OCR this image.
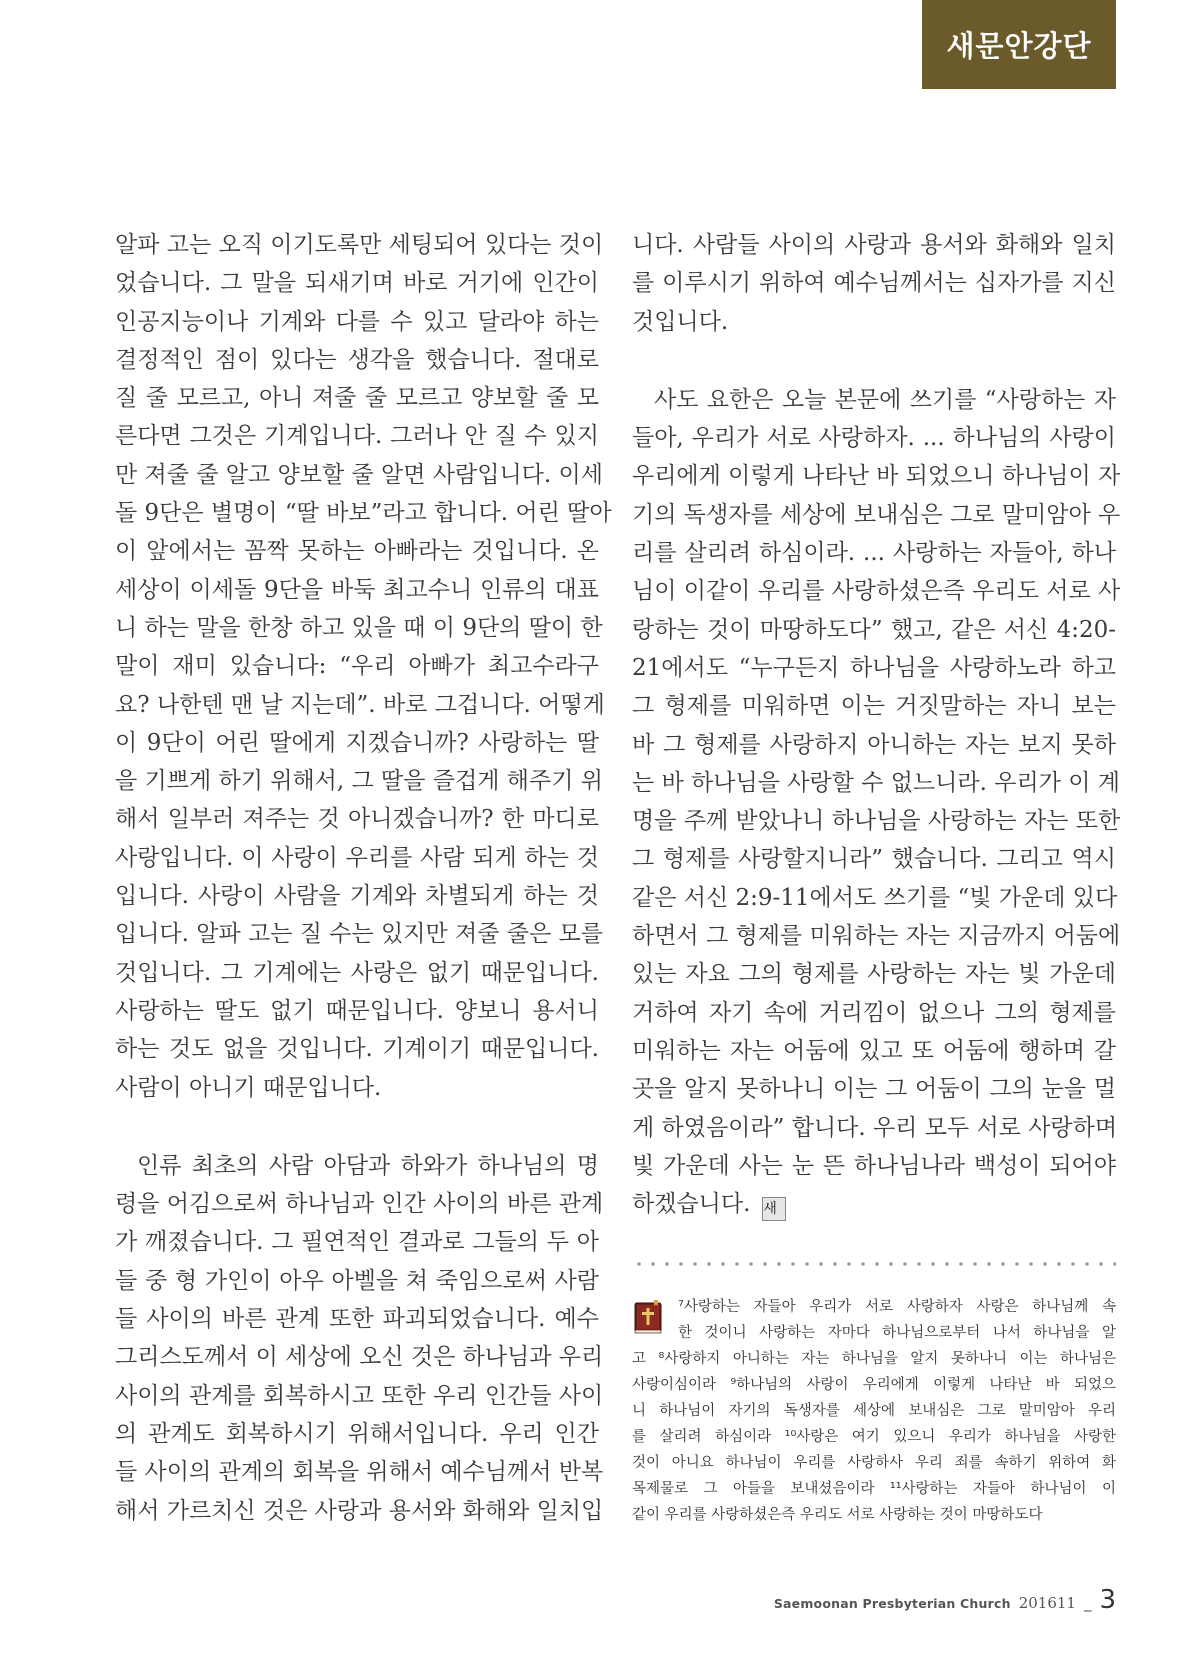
새문안강단

알파 고는 오직 이기도록만 세팅되어 있다는 것이

었습니다. 그 말을 되새기며 바로 거기에 인간이

인공지능이나 기계와 다를 수 있고 달라야 하는

결정적인 점이 있다는 생각을 했습니다. 절대로

질 줄 모르고, 아니 져줄 줄 모르고 양보할 줄 모

른다면 그것은 기계입니다. 그러나 안 질 수 있지

만 져줄 줄 알고 양보할 줄 알면 사람입니다. 이세

돌 9단은 별명이 “딸 바보”라고 합니다. 어린 딸아

이 앞에서는 꼼짝 못하는 아빠라는 것입니다. 온

세상이 이세돌 9단을 바둑 최고수니 인류의 대표

니 하는 말을 한창 하고 있을 때 이 9단의 딸이 한

말이 재미 있습니다: “우리 아빠가 최고수라구

요? 나한텐 맨 날 지는데”. 바로 그겁니다. 어떻게

이 9단이 어린 딸에게 지겠습니까? 사랑하는 딸

을 기쁘게 하기 위해서, 그 딸을 즐겁게 해주기 위

해서 일부러 져주는 것 아니겠습니까? 한 마디로

사랑입니다. 이 사랑이 우리를 사람 되게 하는 것

입니다. 사랑이 사람을 기계와 차별되게 하는 것

입니다. 알파 고는 질 수는 있지만 져줄 줄은 모를

것입니다. 그 기계에는 사랑은 없기 때문입니다.

사랑하는 딸도 없기 때문입니다. 양보니 용서니

하는 것도 없을 것입니다. 기계이기 때문입니다.

사람이 아니기 때문입니다.

인류 최초의 사람 아담과 하와가 하나님의 명

령을 어김으로써 하나님과 인간 사이의 바른 관계

가 깨졌습니다. 그 필연적인 결과로 그들의 두 아

들 중 형 가인이 아우 아벨을 쳐 죽임으로써 사람

들 사이의 바른 관계 또한 파괴되었습니다. 예수

그리스도께서 이 세상에 오신 것은 하나님과 우리

사이의 관계를 회복하시고 또한 우리 인간들 사이

의 관계도 회복하시기 위해서입니다. 우리 인간

들 사이의 관계의 회복을 위해서 예수님께서 반복

해서 가르치신 것은 사랑과 용서와 화해와 일치입

니다. 사람들 사이의 사랑과 용서와 화해와 일치

를 이루시기 위하여 예수님께서는 십자가를 지신

것입니다.

사도 요한은 오늘 본문에 쓰기를 “사랑하는 자

들아, 우리가 서로 사랑하자. ... 하나님의 사랑이

우리에게 이렇게 나타난 바 되었으니 하나님이 자

기의 독생자를 세상에 보내심은 그로 말미암아 우

리를 살리려 하심이라. ... 사랑하는 자들아, 하나

님이 이같이 우리를 사랑하셨은즉 우리도 서로 사

랑하는 것이 마땅하도다” 했고, 같은 서신 4:20-

21에서도 “누구든지 하나님을 사랑하노라 하고

그 형제를 미워하면 이는 거짓말하는 자니 보는

바 그 형제를 사랑하지 아니하는 자는 보지 못하

는 바 하나님을 사랑할 수 없느니라. 우리가 이 계

명을 주께 받았나니 하나님을 사랑하는 자는 또한

그 형제를 사랑할지니라” 했습니다. 그리고 역시

같은 서신 2:9-11에서도 쓰기를 “빛 가운데 있다

하면서 그 형제를 미워하는 자는 지금까지 어둠에

있는 자요 그의 형제를 사랑하는 자는 빛 가운데

거하여 자기 속에 거리낌이 없으나 그의 형제를

미워하는 자는 어둠에 있고 또 어둠에 행하며 갈

곳을 알지 못하나니 이는 그 어둠이 그의 눈을 멀

게 하였음이라” 합니다. 우리 모두 서로 사랑하며

빛 가운데 사는 눈 뜬 하나님나라 백성이 되어야

하겠습니다. 새

⁷사랑하는 자들아 우리가 서로 사랑하자 사랑은 하나님께 속

한 것이니 사랑하는 자마다 하나님으로부터 나서 하나님을 알

고 ⁸사랑하지 아니하는 자는 하나님을 알지 못하나니 이는 하나님은

사랑이심이라 ⁹하나님의 사랑이 우리에게 이렇게 나타난 바 되었으

니 하나님이 자기의 독생자를 세상에 보내심은 그로 말미암아 우리

를 살리려 하심이라 ¹⁰사랑은 여기 있으니 우리가 하나님을 사랑한

것이 아니요 하나님이 우리를 사랑하사 우리 죄를 속하기 위하여 화

목제물로 그 아들을 보내셨음이라 ¹¹사랑하는 자들아 하나님이 이

같이 우리를 사랑하셨은즉 우리도 서로 사랑하는 것이 마땅하도다

Saemoonan Presbyterian Church 201611 _ 3
